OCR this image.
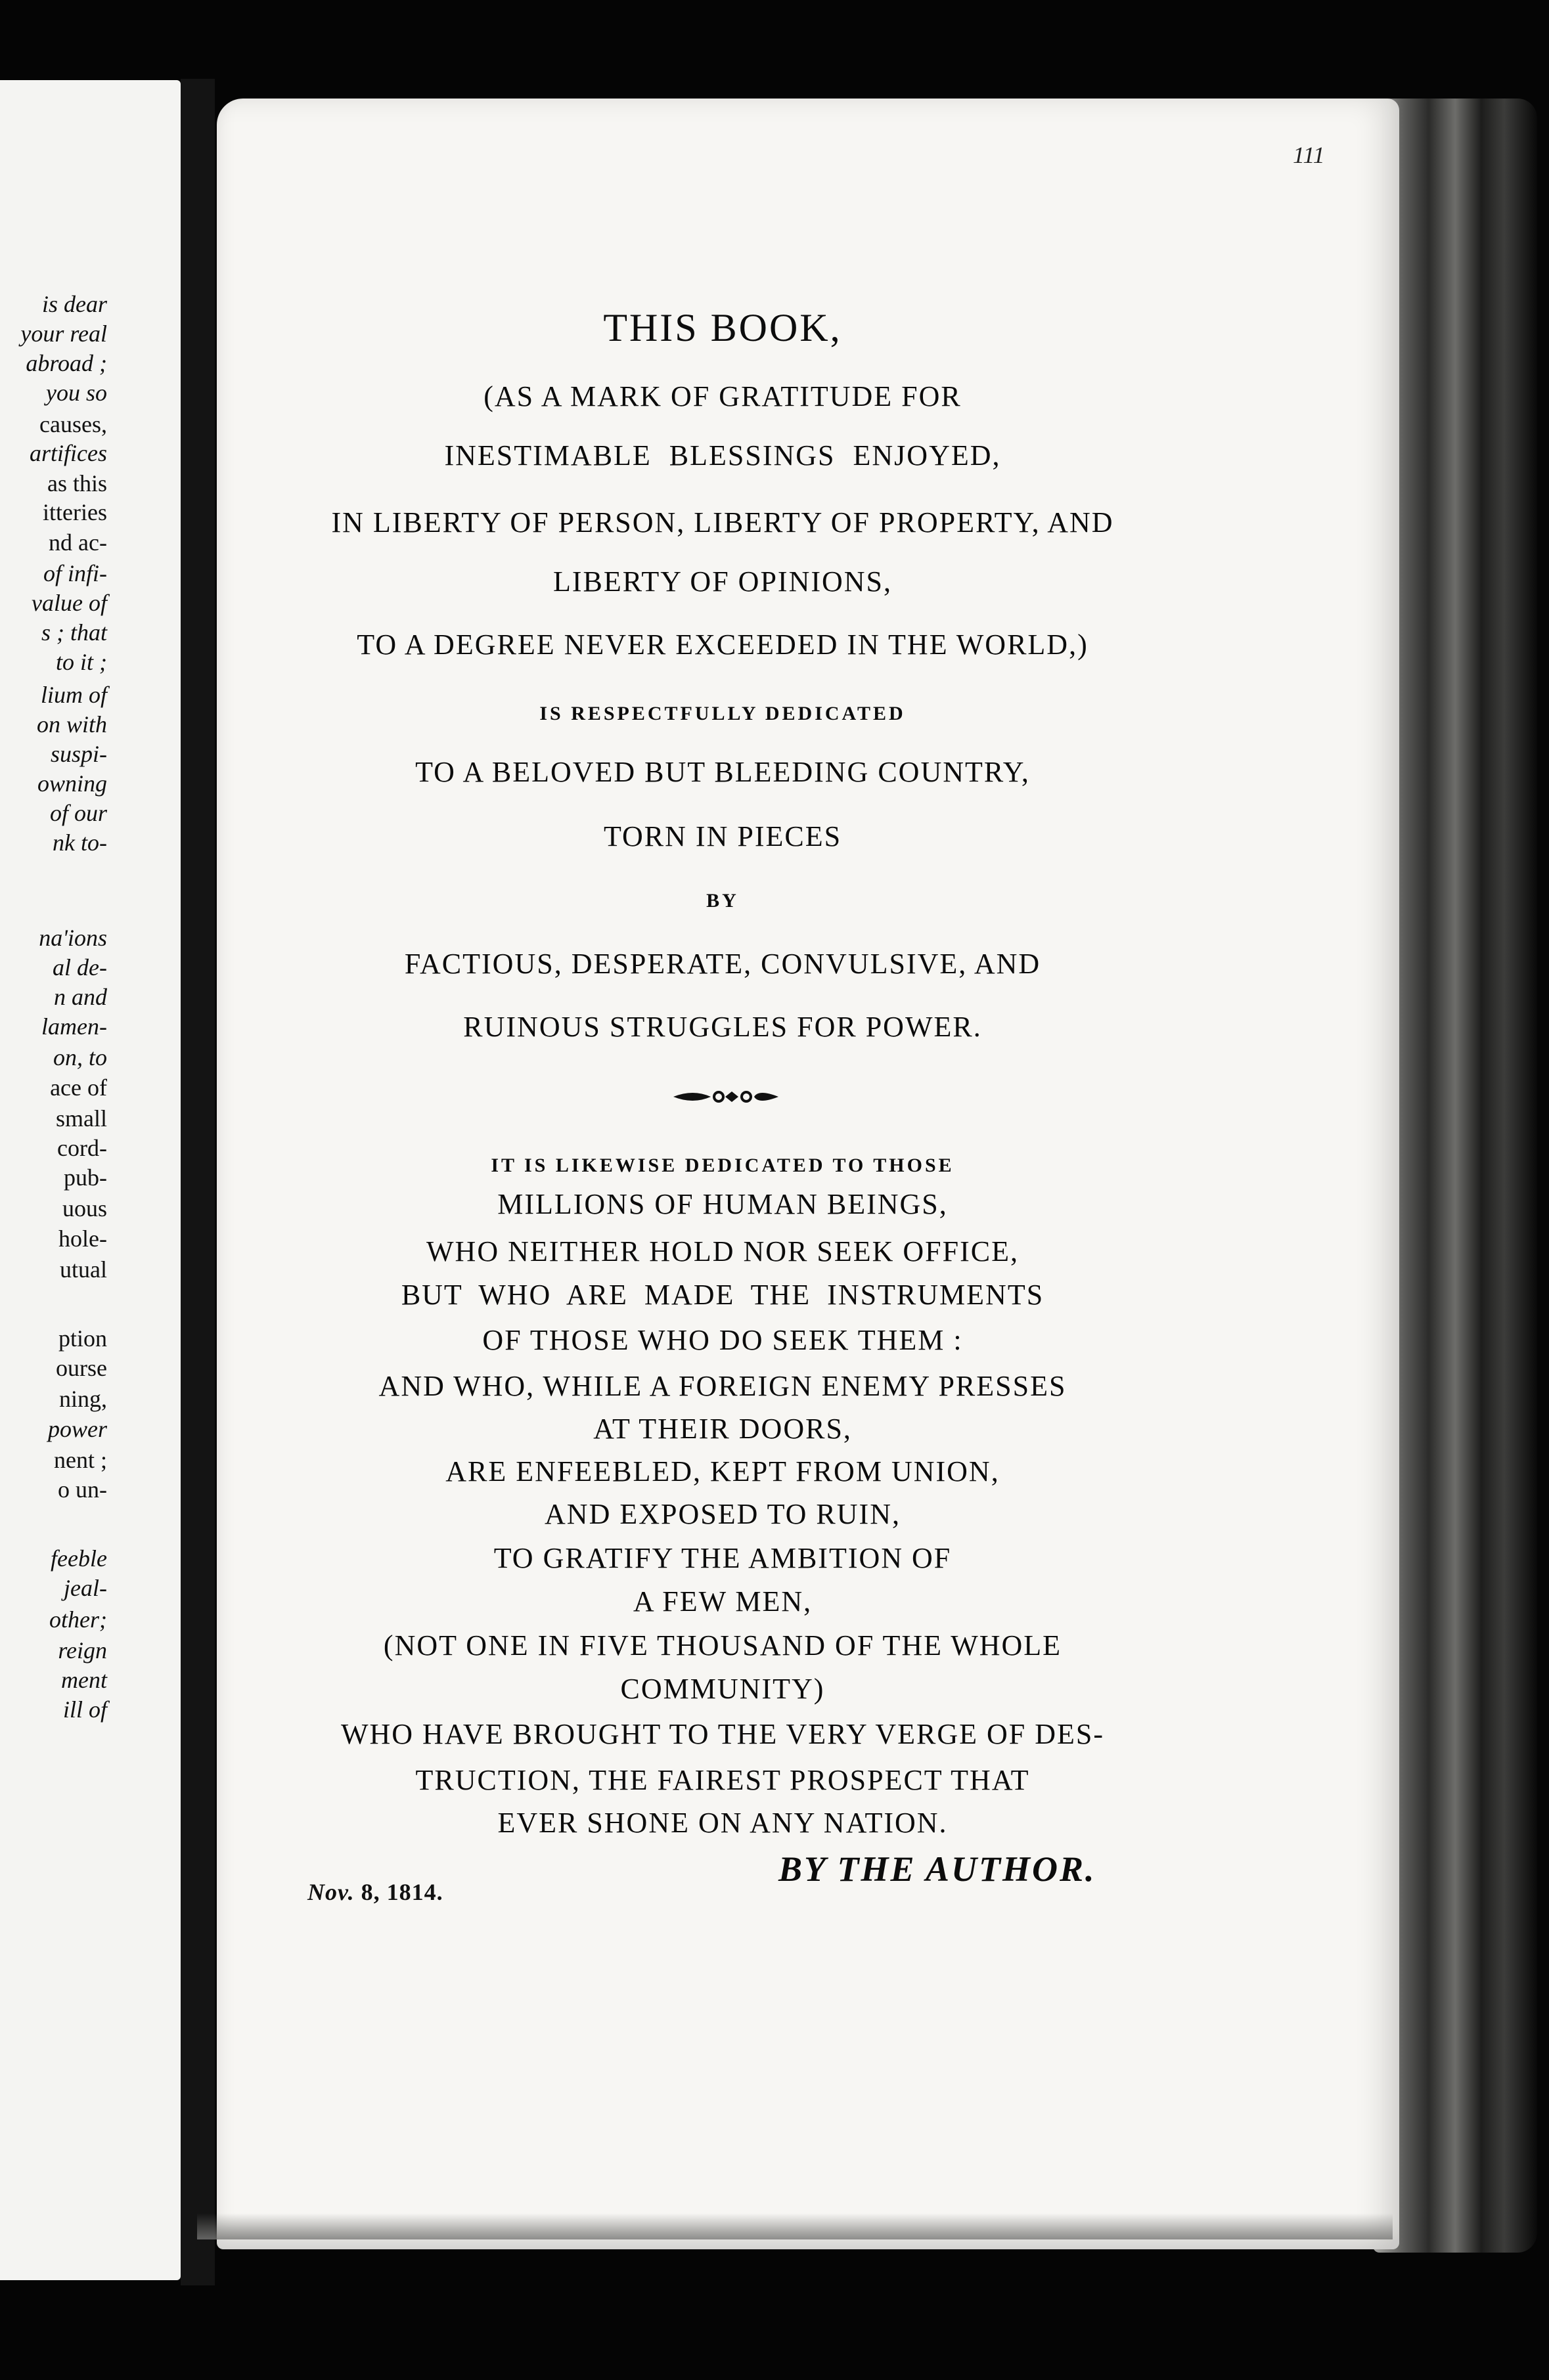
is dear
your real
abroad ;
you so
causes,
artifices
as this
itteries
nd ac-
of infi-
value of
s ; that
to it ;
lium of
on with
suspi-
owning
of our
nk to-
na'ions
al de-
n and
lamen-
on, to
ace of
small
cord-
pub-
uous
hole-
utual
ption
ourse
ning,
power
nent ;
o un-
feeble
jeal-
other;
reign
ment
ill of
111
THIS BOOK,
(AS A MARK OF GRATITUDE FOR
INESTIMABLE BLESSINGS ENJOYED,
IN LIBERTY OF PERSON, LIBERTY OF PROPERTY, AND
LIBERTY OF OPINIONS,
TO A DEGREE NEVER EXCEEDED IN THE WORLD,)
IS RESPECTFULLY DEDICATED
TO A BELOVED BUT BLEEDING COUNTRY,
TORN IN PIECES
BY
FACTIOUS, DESPERATE, CONVULSIVE, AND
RUINOUS STRUGGLES FOR POWER.
IT IS LIKEWISE DEDICATED TO THOSE
MILLIONS OF HUMAN BEINGS,
WHO NEITHER HOLD NOR SEEK OFFICE,
BUT WHO ARE MADE THE INSTRUMENTS
OF THOSE WHO DO SEEK THEM :
AND WHO, WHILE A FOREIGN ENEMY PRESSES
AT THEIR DOORS,
ARE ENFEEBLED, KEPT FROM UNION,
AND EXPOSED TO RUIN,
TO GRATIFY THE AMBITION OF
A FEW MEN,
(NOT ONE IN FIVE THOUSAND OF THE WHOLE
COMMUNITY)
WHO HAVE BROUGHT TO THE VERY VERGE OF DES-
TRUCTION, THE FAIREST PROSPECT THAT
EVER SHONE ON ANY NATION.
BY THE AUTHOR.
Nov. 8, 1814.
